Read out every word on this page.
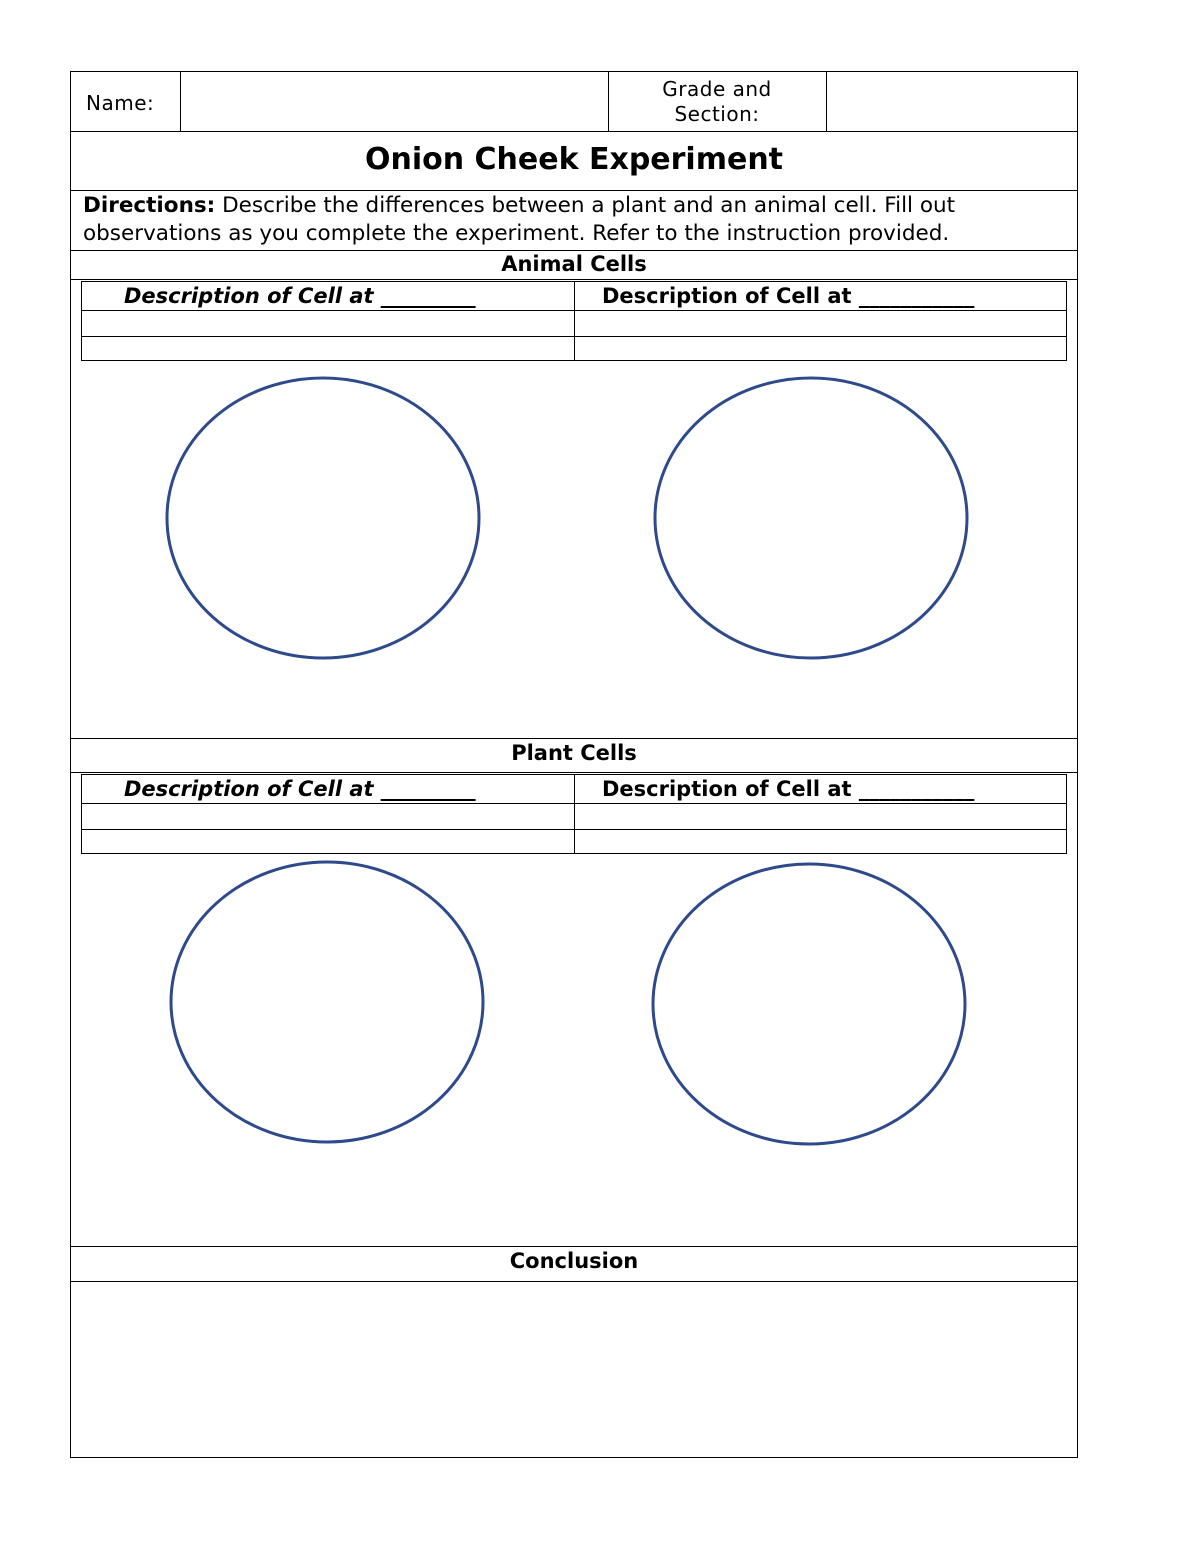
Name:
Grade and
Section:
Onion Cheek Experiment
Directions: Describe the differences between a plant and an animal cell. Fill out observations as you complete the experiment. Refer to the instruction provided.
Animal Cells
Description of Cell at _________	Description of Cell at ___________
Plant Cells
Description of Cell at _________	Description of Cell at ___________
Conclusion
